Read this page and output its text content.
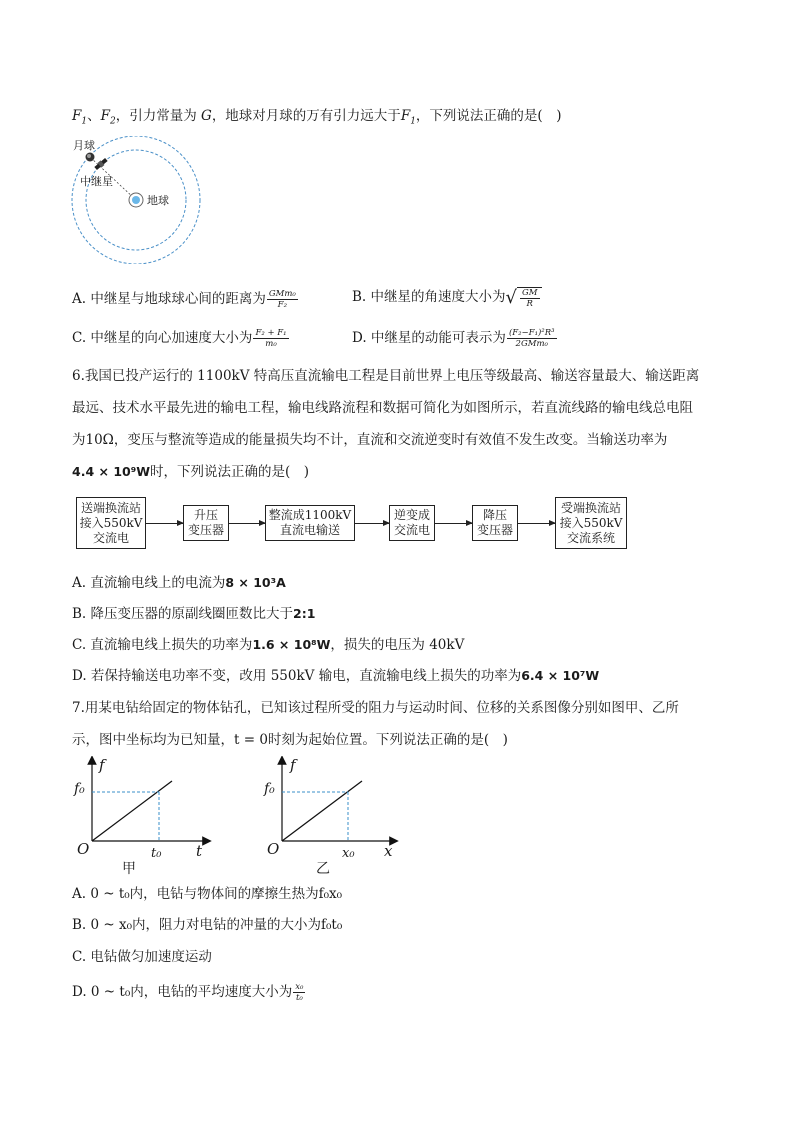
$F_1$、$F_2$，引力常量为 G，地球对月球的万有引力远大于$F_1$，下列说法正确的是(　)
月球
中继星
地球
A. 中继星与地球球心间的距离为 $\frac{\text{GMm₀}}{\text{F₂}}$	B. 中继星的角速度大小为 √ $\frac{GM}{R}$
C. 中继星的向心加速度大小为 $\frac{\text{F₂ + F₁}}{\text{m₀}}$	D. 中继星的动能可表示为 $\frac{\text{(F₂−F₁)²R³}}{\text{2GMm₀}}$
6.我国已投产运行的 1100kV 特高压直流输电工程是目前世界上电压等级最高、输送容量最大、输送距离
最远、技术水平最先进的输电工程，输电线路流程和数据可简化为如图所示，若直流线路的输电线总电阻
为10Ω，变压与整流等造成的能量损失均不计，直流和交流逆变时有效值不发生改变。当输送功率为
4.4 × 10⁹W时，下列说法正确的是(　)
送端换流站
接入550kV
交流电
升压
变压器
整流成1100kV
直流电输送
逆变成
交流电
降压
变压器
受端换流站
接入550kV
交流系统
A. 直流输电线上的电流为8 × 10³A
B. 降压变压器的原副线圈匝数比大于2:1
C. 直流输电线上损失的功率为1.6 × 10⁸W，损失的电压为 40kV
D. 若保持输送电功率不变，改用 550kV 输电，直流输电线上损失的功率为6.4 × 10⁷W
7.用某电钻给固定的物体钻孔，已知该过程所受的阻力与运动时间、位移的关系图像分别如图甲、乙所
示，图中坐标均为已知量，t = 0时刻为起始位置。下列说法正确的是(　)
f
f₀
O	t₀ t
甲
f
f₀
O	x₀ x
乙
A. 0 ~ t₀内，电钻与物体间的摩擦生热为f₀x₀
B. 0 ~ x₀内，阻力对电钻的冲量的大小为f₀t₀
C. 电钻做匀加速度运动
D. 0 ~ t₀内，电钻的平均速度大小为 $\frac{\text{x₀}}{\text{t₀}}$
